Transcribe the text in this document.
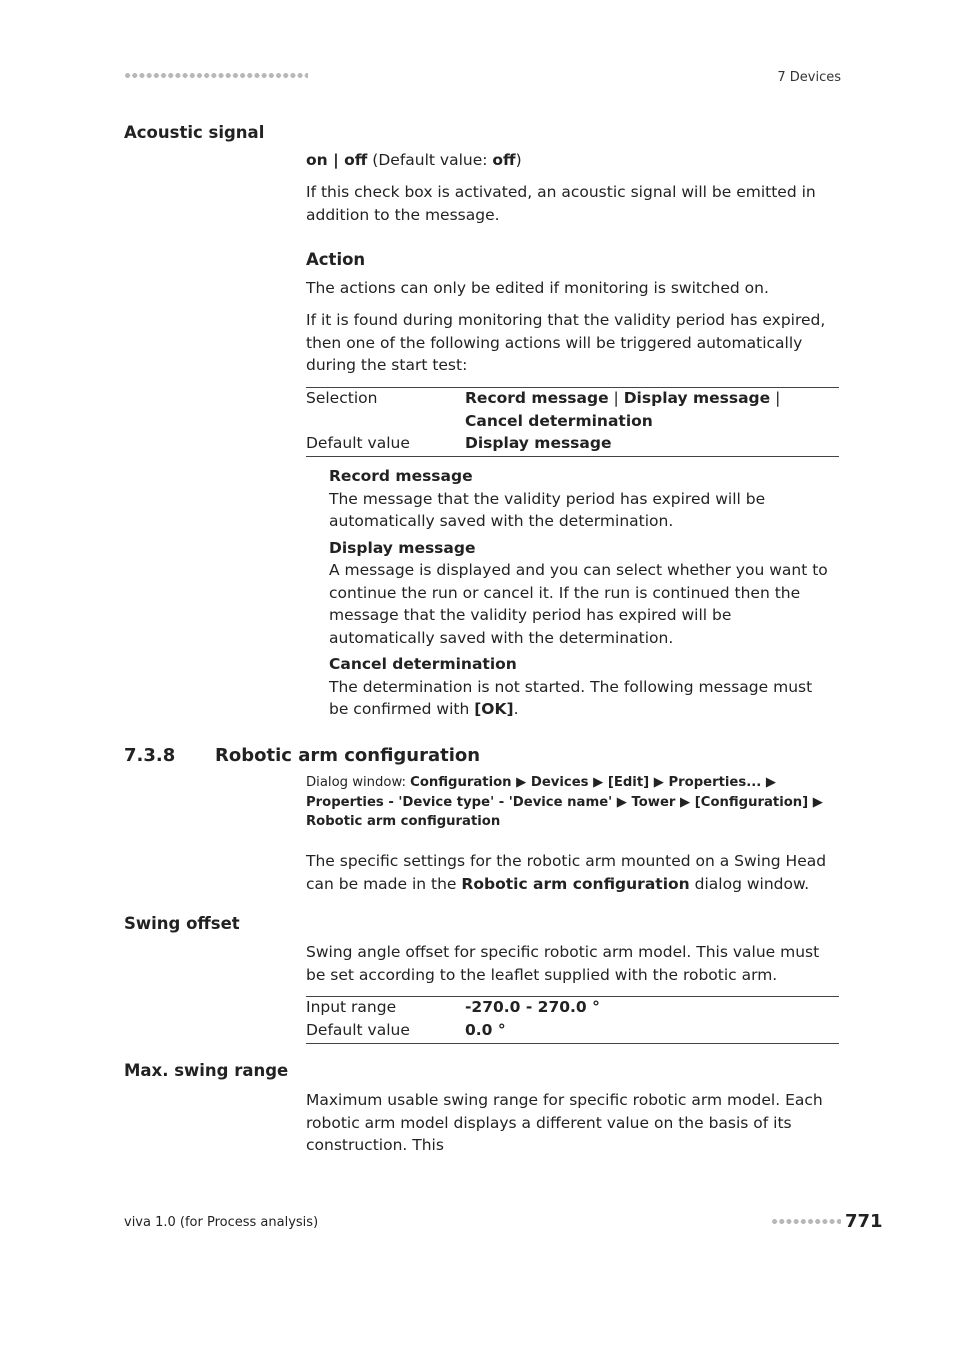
7 Devices
Acoustic signal
on | off (Default value: off)
If this check box is activated, an acoustic signal will be emitted in addition to the message.
Action
The actions can only be edited if monitoring is switched on.
If it is found during monitoring that the validity period has expired, then one of the following actions will be triggered automatically during the start test:
Selection	Record message | Display message | Cancel determination
Default value	Display message
Record message
The message that the validity period has expired will be automatically saved with the determination.
Display message
A message is displayed and you can select whether you want to continue the run or cancel it. If the run is continued then the message that the validity period has expired will be automatically saved with the determination.
Cancel determination
The determination is not started. The following message must be confirmed with [OK].
7.3.8 Robotic arm configuration
Dialog window: Configuration ▶ Devices ▶ [Edit] ▶ Properties... ▶ Properties - 'Device type' - 'Device name' ▶ Tower ▶ [Configuration] ▶ Robotic arm configuration
The specific settings for the robotic arm mounted on a Swing Head can be made in the Robotic arm configuration dialog window.
Swing offset
Swing angle offset for specific robotic arm model. This value must be set according to the leaflet supplied with the robotic arm.
Input range	-270.0 - 270.0 °
Default value	0.0 °
Max. swing range
Maximum usable swing range for specific robotic arm model. Each robotic arm model displays a different value on the basis of its construction. This
viva 1.0 (for Process analysis)	771
